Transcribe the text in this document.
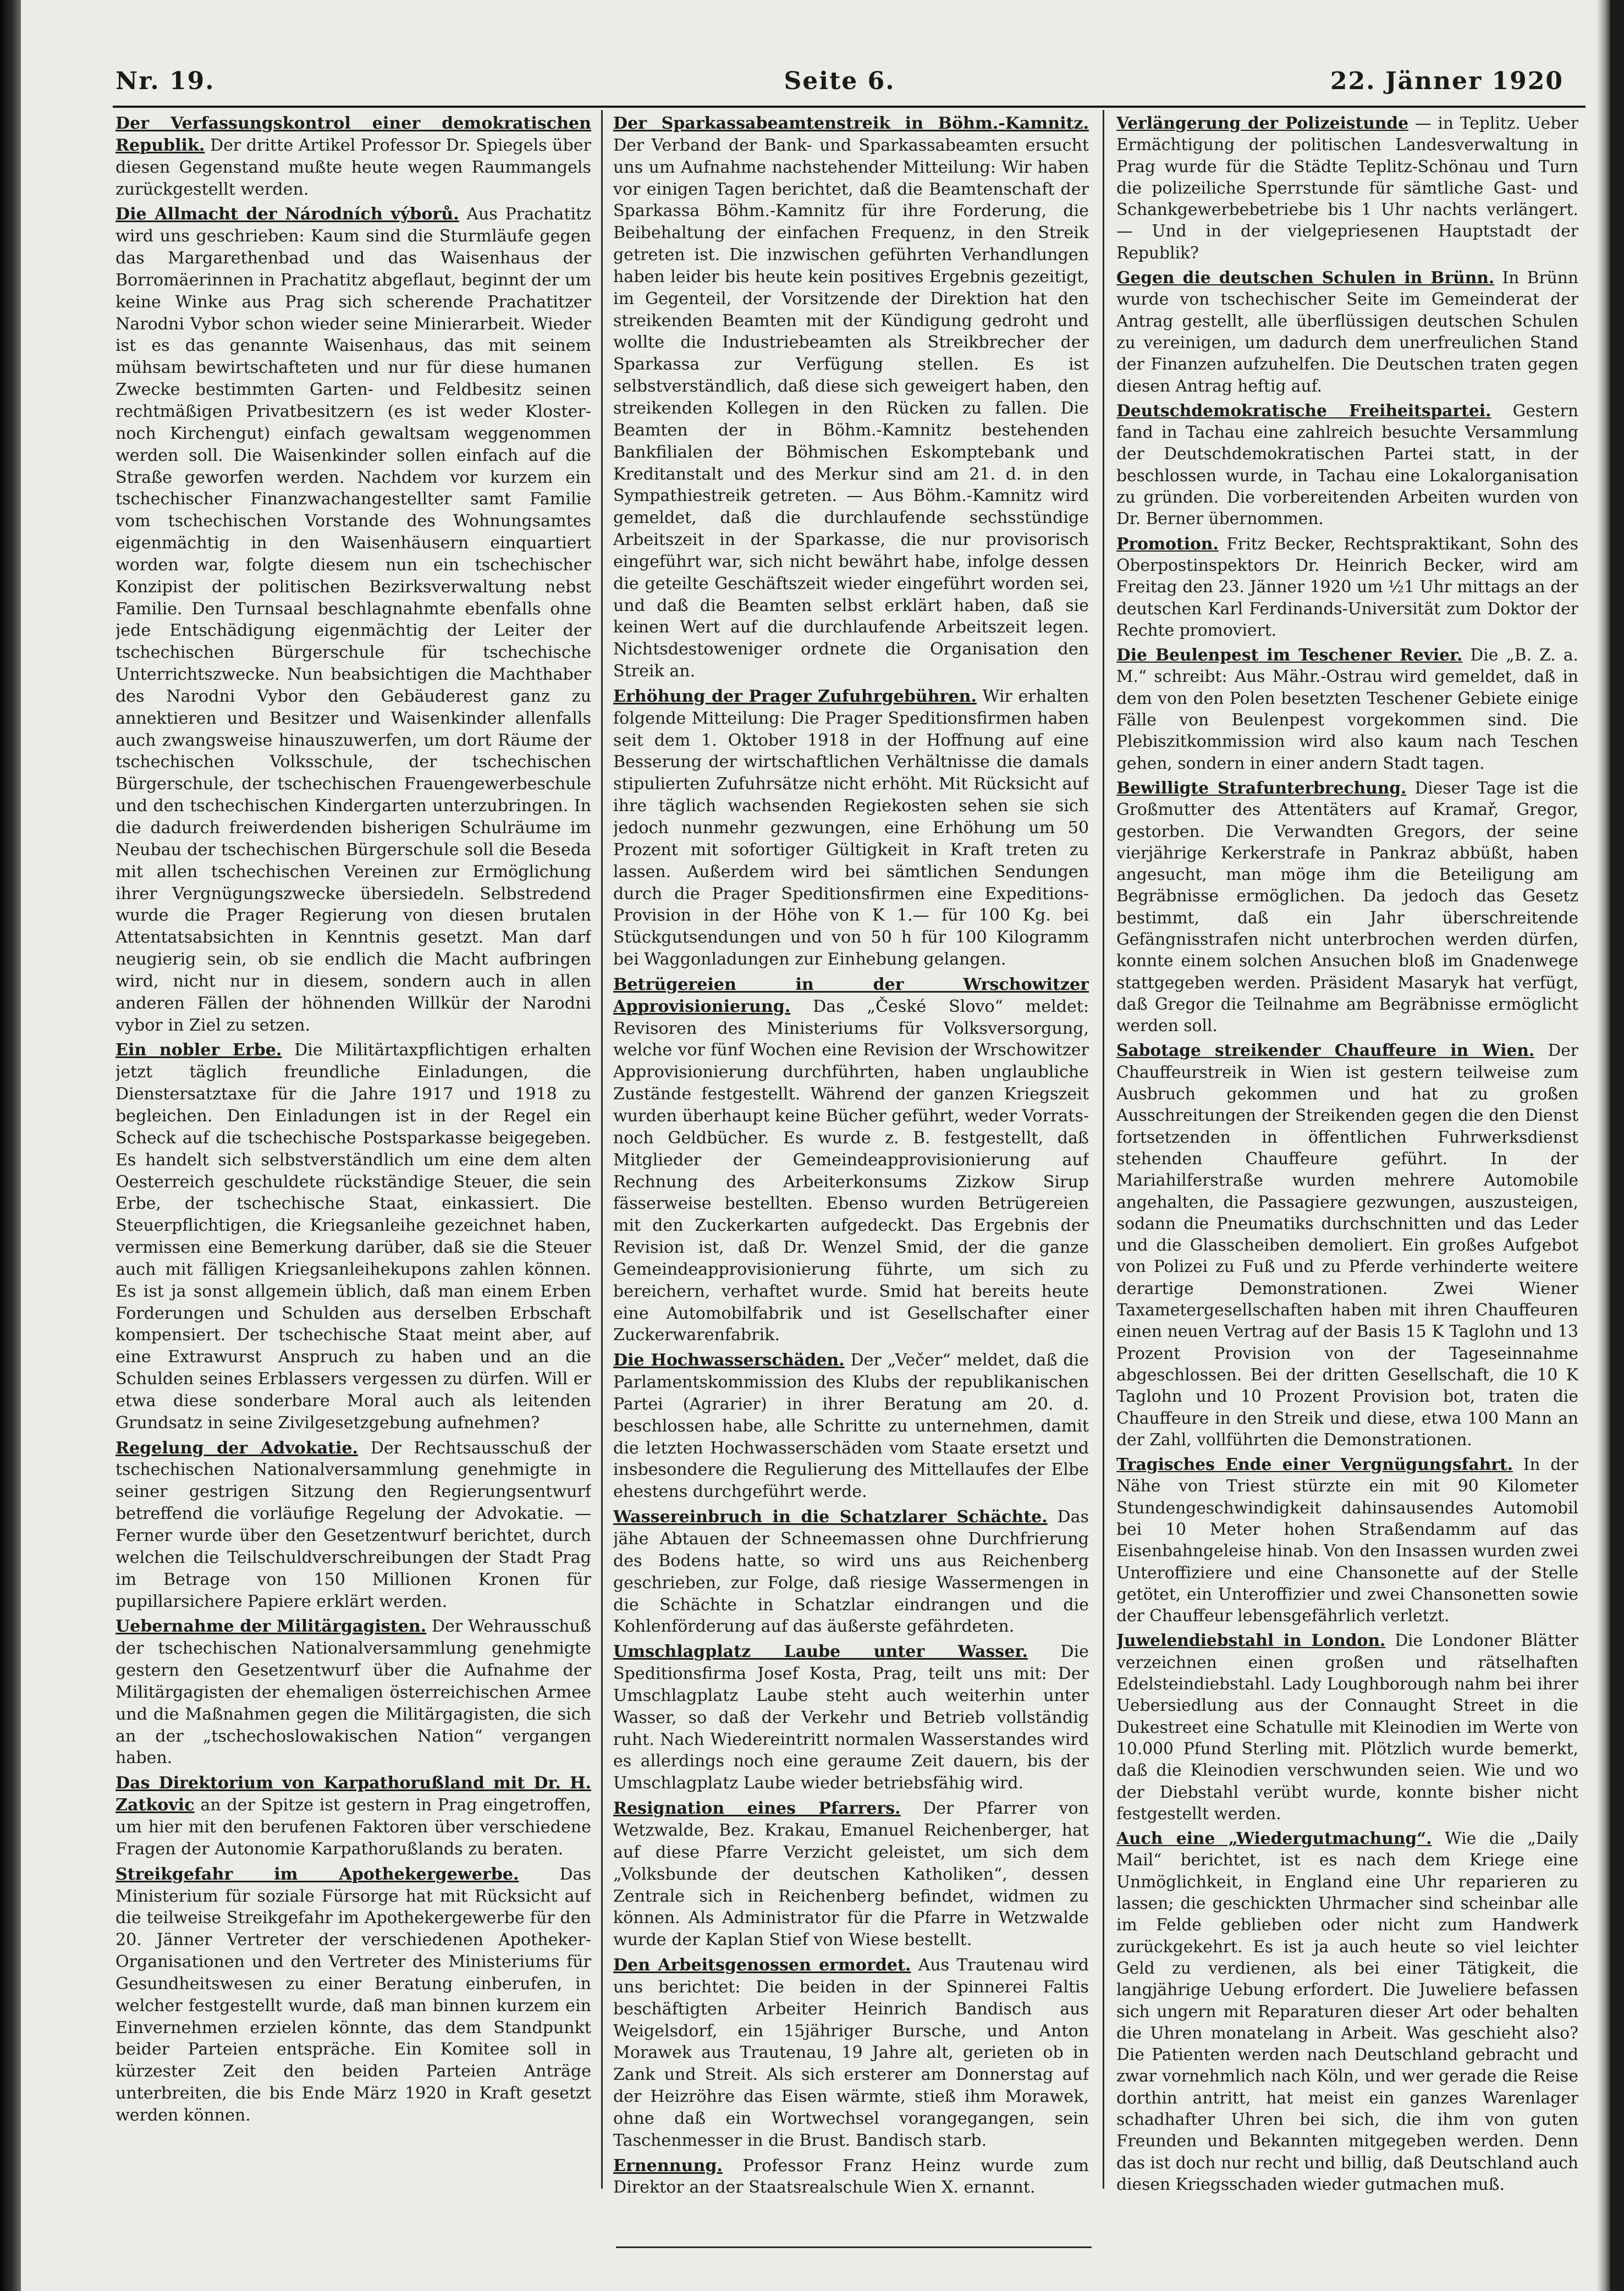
Nr. 19.	Seite 6.	22. Jänner 1920

Der Verfassungskontrol einer demokratischen Republik. Der dritte Artikel Professor Dr. Spiegels über diesen Gegenstand mußte heute wegen Raummangels zurückgestellt werden.

Die Allmacht der Národních výborů. Aus Prachatitz wird uns geschrieben: Kaum sind die Sturmläufe gegen das Margarethenbad und das Waisenhaus der Borromäerinnen in Prachatitz abgeflaut, beginnt der um keine Winke aus Prag sich scherende Prachatitzer Narodni Vybor schon wieder seine Minierarbeit. Wieder ist es das genannte Waisenhaus, das mit seinem mühsam bewirtschafteten und nur für diese humanen Zwecke bestimmten Garten- und Feldbesitz seinen rechtmäßigen Privatbesitzern (es ist weder Kloster- noch Kirchengut) einfach gewaltsam weggenommen werden soll. Die Waisenkinder sollen einfach auf die Straße geworfen werden. Nachdem vor kurzem ein tschechischer Finanzwachangestellter samt Familie vom tschechischen Vorstande des Wohnungsamtes eigenmächtig in den Waisenhäusern einquartiert worden war, folgte diesem nun ein tschechischer Konzipist der politischen Bezirksverwaltung nebst Familie. Den Turnsaal beschlagnahmte ebenfalls ohne jede Entschädigung eigenmächtig der Leiter der tschechischen Bürgerschule für tschechische Unterrichtszwecke. Nun beabsichtigen die Machthaber des Narodni Vybor den Gebäuderest ganz zu annektieren und Besitzer und Waisenkinder allenfalls auch zwangsweise hinauszuwerfen, um dort Räume der tschechischen Volksschule, der tschechischen Bürgerschule, der tschechischen Frauengewerbeschule und den tschechischen Kindergarten unterzubringen. In die dadurch freiwerdenden bisherigen Schulräume im Neubau der tschechischen Bürgerschule soll die Beseda mit allen tschechischen Vereinen zur Ermöglichung ihrer Vergnügungszwecke übersiedeln. Selbstredend wurde die Prager Regierung von diesen brutalen Attentatsabsichten in Kenntnis gesetzt. Man darf neugierig sein, ob sie endlich die Macht aufbringen wird, nicht nur in diesem, sondern auch in allen anderen Fällen der höhnenden Willkür der Narodni vybor in Ziel zu setzen.

Ein nobler Erbe. Die Militärtaxpflichtigen erhalten jetzt täglich freundliche Einladungen, die Dienstersatztaxe für die Jahre 1917 und 1918 zu begleichen. Den Einladungen ist in der Regel ein Scheck auf die tschechische Postsparkasse beigegeben. Es handelt sich selbstverständlich um eine dem alten Oesterreich geschuldete rückständige Steuer, die sein Erbe, der tschechische Staat, einkassiert. Die Steuerpflichtigen, die Kriegsanleihe gezeichnet haben, vermissen eine Bemerkung darüber, daß sie die Steuer auch mit fälligen Kriegsanleihekupons zahlen können. Es ist ja sonst allgemein üblich, daß man einem Erben Forderungen und Schulden aus derselben Erbschaft kompensiert. Der tschechische Staat meint aber, auf eine Extrawurst Anspruch zu haben und an die Schulden seines Erblassers vergessen zu dürfen. Will er etwa diese sonderbare Moral auch als leitenden Grundsatz in seine Zivilgesetzgebung aufnehmen?

Regelung der Advokatie. Der Rechtsausschuß der tschechischen Nationalversammlung genehmigte in seiner gestrigen Sitzung den Regierungsentwurf betreffend die vorläufige Regelung der Advokatie. — Ferner wurde über den Gesetzentwurf berichtet, durch welchen die Teilschuldverschreibungen der Stadt Prag im Betrage von 150 Millionen Kronen für pupillarsichere Papiere erklärt werden.

Uebernahme der Militärgagisten. Der Wehrausschuß der tschechischen Nationalversammlung genehmigte gestern den Gesetzentwurf über die Aufnahme der Militärgagisten der ehemaligen österreichischen Armee und die Maßnahmen gegen die Militärgagisten, die sich an der „tschechoslowakischen Nation“ vergangen haben.

Das Direktorium von Karpathorußland mit Dr. H. Zatkovic an der Spitze ist gestern in Prag eingetroffen, um hier mit den berufenen Faktoren über verschiedene Fragen der Autonomie Karpathorußlands zu beraten.

Streikgefahr im Apothekergewerbe. Das Ministerium für soziale Fürsorge hat mit Rücksicht auf die teilweise Streikgefahr im Apothekergewerbe für den 20. Jänner Vertreter der verschiedenen Apotheker-Organisationen und den Vertreter des Ministeriums für Gesundheitswesen zu einer Beratung einberufen, in welcher festgestellt wurde, daß man binnen kurzem ein Einvernehmen erzielen könnte, das dem Standpunkt beider Parteien entspräche. Ein Komitee soll in kürzester Zeit den beiden Parteien Anträge unterbreiten, die bis Ende März 1920 in Kraft gesetzt werden können.

Der Sparkassabeamtenstreik in Böhm.-Kamnitz. Der Verband der Bank- und Sparkassabeamten ersucht uns um Aufnahme nachstehender Mitteilung: Wir haben vor einigen Tagen berichtet, daß die Beamtenschaft der Sparkassa Böhm.-Kamnitz für ihre Forderung, die Beibehaltung der einfachen Frequenz, in den Streik getreten ist. Die inzwischen geführten Verhandlungen haben leider bis heute kein positives Ergebnis gezeitigt, im Gegenteil, der Vorsitzende der Direktion hat den streikenden Beamten mit der Kündigung gedroht und wollte die Industriebeamten als Streikbrecher der Sparkassa zur Verfügung stellen. Es ist selbstverständlich, daß diese sich geweigert haben, den streikenden Kollegen in den Rücken zu fallen. Die Beamten der in Böhm.-Kamnitz bestehenden Bankfilialen der Böhmischen Eskomptebank und Kreditanstalt und des Merkur sind am 21. d. in den Sympathiestreik getreten. — Aus Böhm.-Kamnitz wird gemeldet, daß die durchlaufende sechsstündige Arbeitszeit in der Sparkasse, die nur provisorisch eingeführt war, sich nicht bewährt habe, infolge dessen die geteilte Geschäftszeit wieder eingeführt worden sei, und daß die Beamten selbst erklärt haben, daß sie keinen Wert auf die durchlaufende Arbeitszeit legen. Nichtsdestoweniger ordnete die Organisation den Streik an.

Erhöhung der Prager Zufuhrgebühren. Wir erhalten folgende Mitteilung: Die Prager Speditionsfirmen haben seit dem 1. Oktober 1918 in der Hoffnung auf eine Besserung der wirtschaftlichen Verhältnisse die damals stipulierten Zufuhrsätze nicht erhöht. Mit Rücksicht auf ihre täglich wachsenden Regiekosten sehen sie sich jedoch nunmehr gezwungen, eine Erhöhung um 50 Prozent mit sofortiger Gültigkeit in Kraft treten zu lassen. Außerdem wird bei sämtlichen Sendungen durch die Prager Speditionsfirmen eine Expeditions-Provision in der Höhe von K 1.— für 100 Kg. bei Stückgutsendungen und von 50 h für 100 Kilogramm bei Waggonladungen zur Einhebung gelangen.

Betrügereien in der Wrschowitzer Approvisionierung. Das „České Slovo“ meldet: Revisoren des Ministeriums für Volksversorgung, welche vor fünf Wochen eine Revision der Wrschowitzer Approvisionierung durchführten, haben unglaubliche Zustände festgestellt. Während der ganzen Kriegszeit wurden überhaupt keine Bücher geführt, weder Vorrats- noch Geldbücher. Es wurde z. B. festgestellt, daß Mitglieder der Gemeindeapprovisionierung auf Rechnung des Arbeiterkonsums Zizkow Sirup fässerweise bestellten. Ebenso wurden Betrügereien mit den Zuckerkarten aufgedeckt. Das Ergebnis der Revision ist, daß Dr. Wenzel Smid, der die ganze Gemeindeapprovisionierung führte, um sich zu bereichern, verhaftet wurde. Smid hat bereits heute eine Automobilfabrik und ist Gesellschafter einer Zuckerwarenfabrik.

Die Hochwasserschäden. Der „Večer“ meldet, daß die Parlamentskommission des Klubs der republikanischen Partei (Agrarier) in ihrer Beratung am 20. d. beschlossen habe, alle Schritte zu unternehmen, damit die letzten Hochwasserschäden vom Staate ersetzt und insbesondere die Regulierung des Mittellaufes der Elbe ehestens durchgeführt werde.

Wassereinbruch in die Schatzlarer Schächte. Das jähe Abtauen der Schneemassen ohne Durchfrierung des Bodens hatte, so wird uns aus Reichenberg geschrieben, zur Folge, daß riesige Wassermengen in die Schächte in Schatzlar eindrangen und die Kohlenförderung auf das äußerste gefährdeten.

Umschlagplatz Laube unter Wasser. Die Speditionsfirma Josef Kosta, Prag, teilt uns mit: Der Umschlagplatz Laube steht auch weiterhin unter Wasser, so daß der Verkehr und Betrieb vollständig ruht. Nach Wiedereintritt normalen Wasserstandes wird es allerdings noch eine geraume Zeit dauern, bis der Umschlagplatz Laube wieder betriebsfähig wird.

Resignation eines Pfarrers. Der Pfarrer von Wetzwalde, Bez. Krakau, Emanuel Reichenberger, hat auf diese Pfarre Verzicht geleistet, um sich dem „Volksbunde der deutschen Katholiken“, dessen Zentrale sich in Reichenberg befindet, widmen zu können. Als Administrator für die Pfarre in Wetzwalde wurde der Kaplan Stief von Wiese bestellt.

Den Arbeitsgenossen ermordet. Aus Trautenau wird uns berichtet: Die beiden in der Spinnerei Faltis beschäftigten Arbeiter Heinrich Bandisch aus Weigelsdorf, ein 15jähriger Bursche, und Anton Morawek aus Trautenau, 19 Jahre alt, gerieten ob in Zank und Streit. Als sich ersterer am Donnerstag auf der Heizröhre das Eisen wärmte, stieß ihm Morawek, ohne daß ein Wortwechsel vorangegangen, sein Taschenmesser in die Brust. Bandisch starb.

Ernennung. Professor Franz Heinz wurde zum Direktor an der Staatsrealschule Wien X. ernannt.

Verlängerung der Polizeistunde — in Teplitz. Ueber Ermächtigung der politischen Landesverwaltung in Prag wurde für die Städte Teplitz-Schönau und Turn die polizeiliche Sperrstunde für sämtliche Gast- und Schankgewerbebetriebe bis 1 Uhr nachts verlängert. — Und in der vielgepriesenen Hauptstadt der Republik?

Gegen die deutschen Schulen in Brünn. In Brünn wurde von tschechischer Seite im Gemeinderat der Antrag gestellt, alle überflüssigen deutschen Schulen zu vereinigen, um dadurch dem unerfreulichen Stand der Finanzen aufzuhelfen. Die Deutschen traten gegen diesen Antrag heftig auf.

Deutschdemokratische Freiheitspartei. Gestern fand in Tachau eine zahlreich besuchte Versammlung der Deutschdemokratischen Partei statt, in der beschlossen wurde, in Tachau eine Lokalorganisation zu gründen. Die vorbereitenden Arbeiten wurden von Dr. Berner übernommen.

Promotion. Fritz Becker, Rechtspraktikant, Sohn des Oberpostinspektors Dr. Heinrich Becker, wird am Freitag den 23. Jänner 1920 um ½1 Uhr mittags an der deutschen Karl Ferdinands-Universität zum Doktor der Rechte promoviert.

Die Beulenpest im Teschener Revier. Die „B. Z. a. M.“ schreibt: Aus Mähr.-Ostrau wird gemeldet, daß in dem von den Polen besetzten Teschener Gebiete einige Fälle von Beulenpest vorgekommen sind. Die Plebiszitkommission wird also kaum nach Teschen gehen, sondern in einer andern Stadt tagen.

Bewilligte Strafunterbrechung. Dieser Tage ist die Großmutter des Attentäters auf Kramař, Gregor, gestorben. Die Verwandten Gregors, der seine vierjährige Kerkerstrafe in Pankraz abbüßt, haben angesucht, man möge ihm die Beteiligung am Begräbnisse ermöglichen. Da jedoch das Gesetz bestimmt, daß ein Jahr überschreitende Gefängnisstrafen nicht unterbrochen werden dürfen, konnte einem solchen Ansuchen bloß im Gnadenwege stattgegeben werden. Präsident Masaryk hat verfügt, daß Gregor die Teilnahme am Begräbnisse ermöglicht werden soll.

Sabotage streikender Chauffeure in Wien. Der Chauffeurstreik in Wien ist gestern teilweise zum Ausbruch gekommen und hat zu großen Ausschreitungen der Streikenden gegen die den Dienst fortsetzenden in öffentlichen Fuhrwerksdienst stehenden Chauffeure geführt. In der Mariahilferstraße wurden mehrere Automobile angehalten, die Passagiere gezwungen, auszusteigen, sodann die Pneumatiks durchschnitten und das Leder und die Glasscheiben demoliert. Ein großes Aufgebot von Polizei zu Fuß und zu Pferde verhinderte weitere derartige Demonstrationen. Zwei Wiener Taxametergesellschaften haben mit ihren Chauffeuren einen neuen Vertrag auf der Basis 15 K Taglohn und 13 Prozent Provision von der Tageseinnahme abgeschlossen. Bei der dritten Gesellschaft, die 10 K Taglohn und 10 Prozent Provision bot, traten die Chauffeure in den Streik und diese, etwa 100 Mann an der Zahl, vollführten die Demonstrationen.

Tragisches Ende einer Vergnügungsfahrt. In der Nähe von Triest stürzte ein mit 90 Kilometer Stundengeschwindigkeit dahinsausendes Automobil bei 10 Meter hohen Straßendamm auf das Eisenbahngeleise hinab. Von den Insassen wurden zwei Unteroffiziere und eine Chansonette auf der Stelle getötet, ein Unteroffizier und zwei Chansonetten sowie der Chauffeur lebensgefährlich verletzt.

Juwelendiebstahl in London. Die Londoner Blätter verzeichnen einen großen und rätselhaften Edelsteindiebstahl. Lady Loughborough nahm bei ihrer Uebersiedlung aus der Connaught Street in die Dukestreet eine Schatulle mit Kleinodien im Werte von 10.000 Pfund Sterling mit. Plötzlich wurde bemerkt, daß die Kleinodien verschwunden seien. Wie und wo der Diebstahl verübt wurde, konnte bisher nicht festgestellt werden.

Auch eine „Wiedergutmachung“. Wie die „Daily Mail“ berichtet, ist es nach dem Kriege eine Unmöglichkeit, in England eine Uhr reparieren zu lassen; die geschickten Uhrmacher sind scheinbar alle im Felde geblieben oder nicht zum Handwerk zurückgekehrt. Es ist ja auch heute so viel leichter Geld zu verdienen, als bei einer Tätigkeit, die langjährige Uebung erfordert. Die Juweliere befassen sich ungern mit Reparaturen dieser Art oder behalten die Uhren monatelang in Arbeit. Was geschieht also? Die Patienten werden nach Deutschland gebracht und zwar vornehmlich nach Köln, und wer gerade die Reise dorthin antritt, hat meist ein ganzes Warenlager schadhafter Uhren bei sich, die ihm von guten Freunden und Bekannten mitgegeben werden. Denn das ist doch nur recht und billig, daß Deutschland auch diesen Kriegsschaden wieder gutmachen muß.
